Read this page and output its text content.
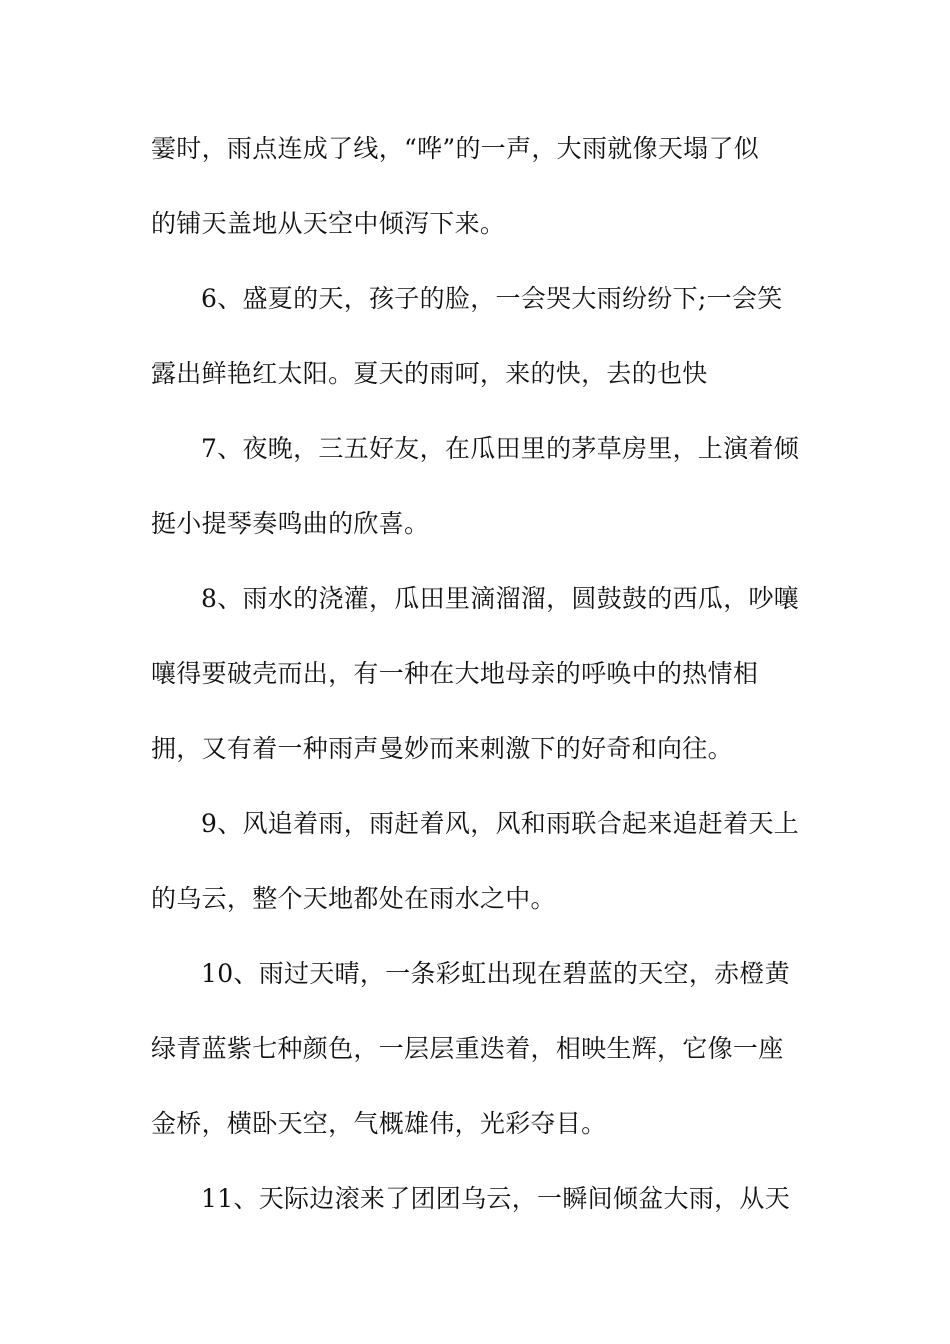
霎时，雨点连成了线，“哗”的一声，大雨就像天塌了似
的铺天盖地从天空中倾泻下来。
6、盛夏的天，孩子的脸，一会哭大雨纷纷下;一会笑
露出鲜艳红太阳。夏天的雨呵，来的快，去的也快
7、夜晚，三五好友，在瓜田里的茅草房里，上演着倾
挺小提琴奏鸣曲的欣喜。
8、雨水的浇灌，瓜田里滴溜溜，圆鼓鼓的西瓜，吵嚷
嚷得要破壳而出，有一种在大地母亲的呼唤中的热情相
拥，又有着一种雨声曼妙而来刺激下的好奇和向往。
9、风追着雨，雨赶着风，风和雨联合起来追赶着天上
的乌云，整个天地都处在雨水之中。
10、雨过天晴，一条彩虹出现在碧蓝的天空，赤橙黄
绿青蓝紫七种颜色，一层层重迭着，相映生辉，它像一座
金桥，横卧天空，气概雄伟，光彩夺目。
11、天际边滚来了团团乌云，一瞬间倾盆大雨，从天
